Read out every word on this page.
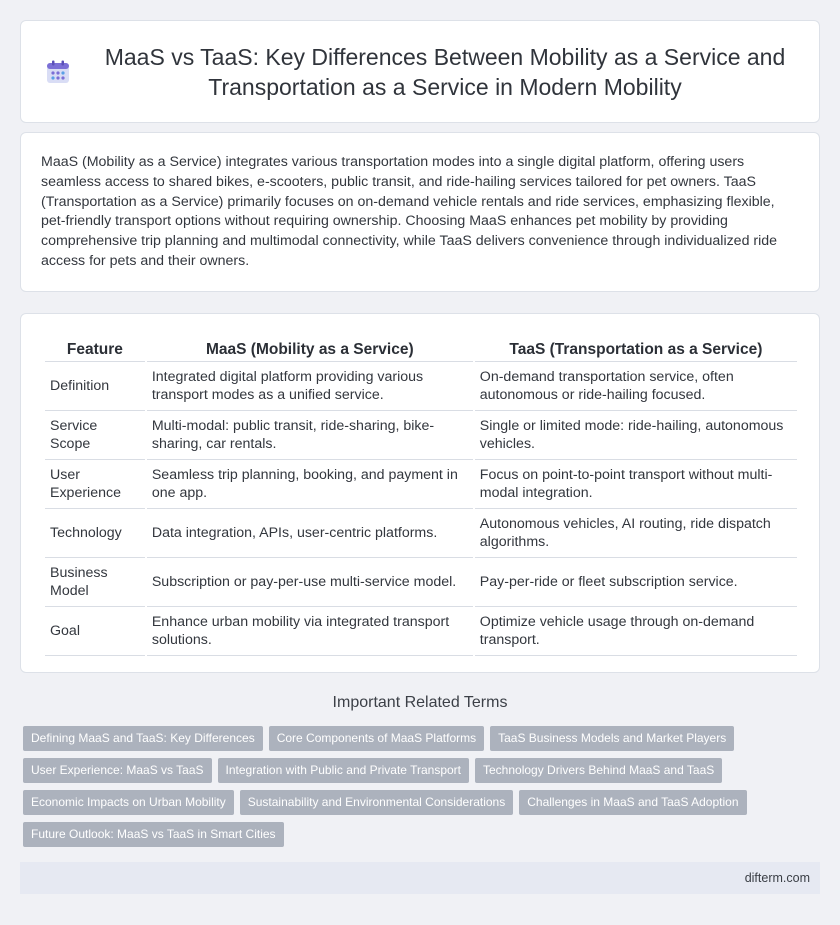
MaaS vs TaaS: Key Differences Between Mobility as a Service and Transportation as a Service in Modern Mobility

MaaS (Mobility as a Service) integrates various transportation modes into a single digital platform, offering users seamless access to shared bikes, e-scooters, public transit, and ride-hailing services tailored for pet owners. TaaS (Transportation as a Service) primarily focuses on on-demand vehicle rentals and ride services, emphasizing flexible, pet-friendly transport options without requiring ownership. Choosing MaaS enhances pet mobility by providing comprehensive trip planning and multimodal connectivity, while TaaS delivers convenience through individualized ride access for pets and their owners.

Feature	MaaS (Mobility as a Service)	TaaS (Transportation as a Service)
Definition	Integrated digital platform providing various transport modes as a unified service.	On-demand transportation service, often autonomous or ride-hailing focused.
Service Scope	Multi-modal: public transit, ride-sharing, bike-sharing, car rentals.	Single or limited mode: ride-hailing, autonomous vehicles.
User Experience	Seamless trip planning, booking, and payment in one app.	Focus on point-to-point transport without multi-modal integration.
Technology	Data integration, APIs, user-centric platforms.	Autonomous vehicles, AI routing, ride dispatch algorithms.
Business Model	Subscription or pay-per-use multi-service model.	Pay-per-ride or fleet subscription service.
Goal	Enhance urban mobility via integrated transport solutions.	Optimize vehicle usage through on-demand transport.
Important Related Terms
Defining MaaS and TaaS: Key Differences Core Components of MaaS Platforms TaaS Business Models and Market Players
User Experience: MaaS vs TaaS Integration with Public and Private Transport Technology Drivers Behind MaaS and TaaS
Economic Impacts on Urban Mobility Sustainability and Environmental Considerations Challenges in MaaS and TaaS Adoption
Future Outlook: MaaS vs TaaS in Smart Cities
difterm.com
